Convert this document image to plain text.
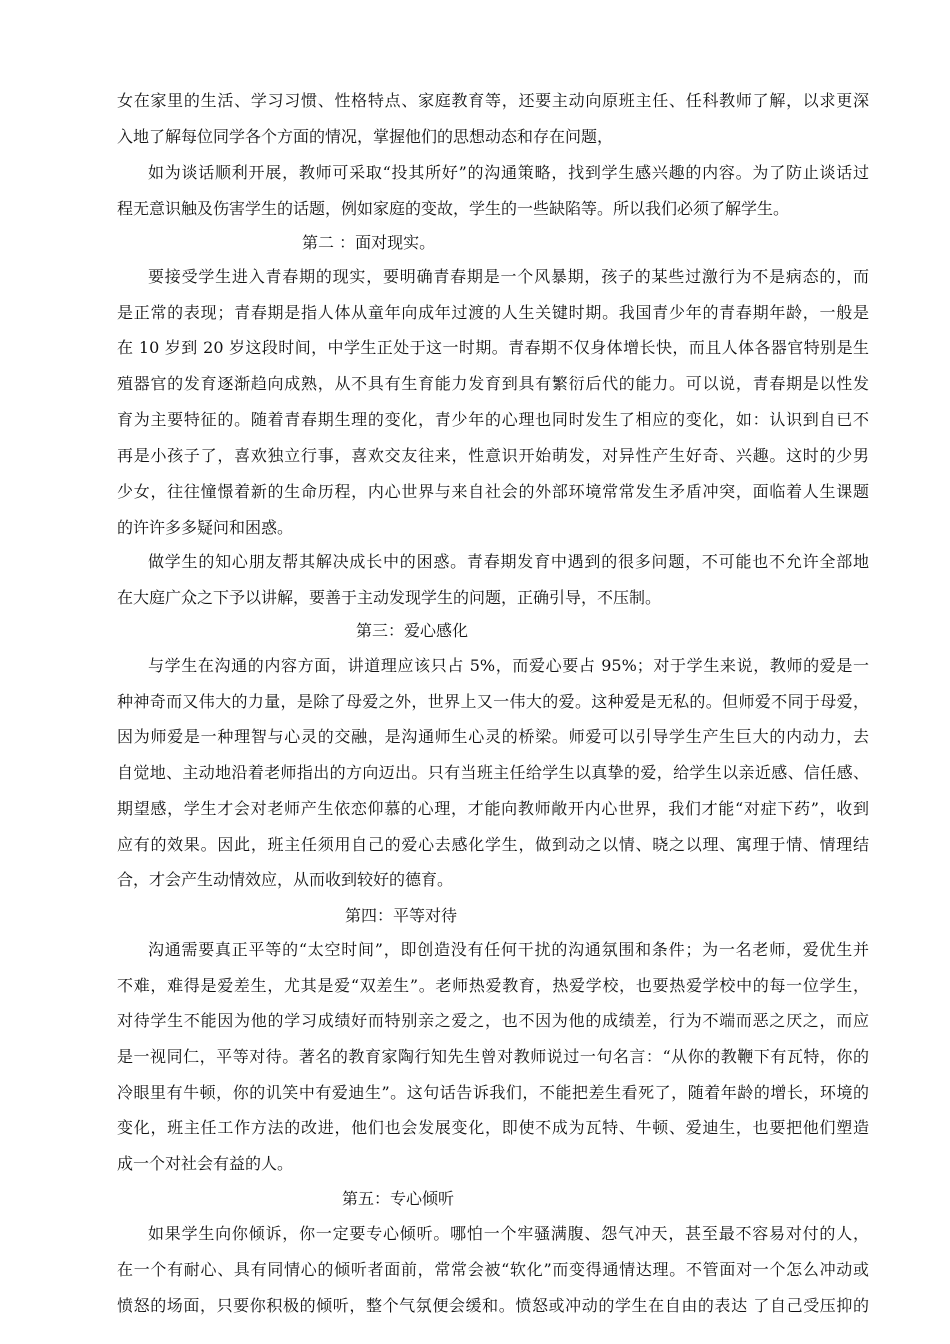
女在家里的生活、学习习惯、性格特点、家庭教育等，还要主动向原班主任、任科教师了解，以求更深
入地了解每位同学各个方面的情况，掌握他们的思想动态和存在问题，
如为谈话顺利开展，教师可采取“投其所好”的沟通策略，找到学生感兴趣的内容。为了防止谈话过
程无意识触及伤害学生的话题，例如家庭的变故，学生的一些缺陷等。所以我们必须了解学生。
第二 ：面对现实。
要接受学生进入青春期的现实，要明确青春期是一个风暴期，孩子的某些过激行为不是病态的，而
是正常的表现；青春期是指人体从童年向成年过渡的人生关键时期。我国青少年的青春期年龄，一般是
在 10 岁到 20 岁这段时间，中学生正处于这一时期。青春期不仅身体增长快，而且人体各器官特别是生
殖器官的发育逐渐趋向成熟，从不具有生育能力发育到具有繁衍后代的能力。可以说，青春期是以性发
育为主要特征的。随着青春期生理的变化，青少年的心理也同时发生了相应的变化，如：认识到自已不
再是小孩子了，喜欢独立行事，喜欢交友往来，性意识开始萌发，对异性产生好奇、兴趣。这时的少男
少女，往往憧憬着新的生命历程，内心世界与来自社会的外部环境常常发生矛盾冲突，面临着人生课题
的许许多多疑问和困惑。
做学生的知心朋友帮其解决成长中的困惑。青春期发育中遇到的很多问题，不可能也不允许全部地
在大庭广众之下予以讲解，要善于主动发现学生的问题，正确引导，不压制。
第三：爱心感化
与学生在沟通的内容方面，讲道理应该只占 5%，而爱心要占 95%；对于学生来说，教师的爱是一
种神奇而又伟大的力量，是除了母爱之外，世界上又一伟大的爱。这种爱是无私的。但师爱不同于母爱，
因为师爱是一种理智与心灵的交融，是沟通师生心灵的桥梁。师爱可以引导学生产生巨大的内动力，去
自觉地、主动地沿着老师指出的方向迈出。只有当班主任给学生以真挚的爱，给学生以亲近感、信任感、
期望感，学生才会对老师产生依恋仰慕的心理，才能向教师敞开内心世界，我们才能“对症下药”，收到
应有的效果。因此，班主任须用自己的爱心去感化学生，做到动之以情、晓之以理、寓理于情、情理结
合，才会产生动情效应，从而收到较好的德育。
第四：平等对待
沟通需要真正平等的“太空时间”，即创造没有任何干扰的沟通氛围和条件；为一名老师，爱优生并
不难，难得是爱差生，尤其是爱“双差生”。老师热爱教育，热爱学校，也要热爱学校中的每一位学生，
对待学生不能因为他的学习成绩好而特别亲之爱之，也不因为他的成绩差，行为不端而恶之厌之，而应
是一视同仁，平等对待。著名的教育家陶行知先生曾对教师说过一句名言：“从你的教鞭下有瓦特，你的
冷眼里有牛顿，你的讥笑中有爱迪生”。这句话告诉我们，不能把差生看死了，随着年龄的增长，环境的
变化，班主任工作方法的改进，他们也会发展变化，即使不成为瓦特、牛顿、爱迪生，也要把他们塑造
成一个对社会有益的人。
第五：专心倾听
如果学生向你倾诉，你一定要专心倾听。哪怕一个牢骚满腹、怨气冲天，甚至最不容易对付的人，
在一个有耐心、具有同情心的倾听者面前，常常会被“软化”而变得通情达理。不管面对一个怎么冲动或
愤怒的场面，只要你积极的倾听，整个气氛便会缓和。愤怒或冲动的学生在自由的表达 了自己受压抑的
